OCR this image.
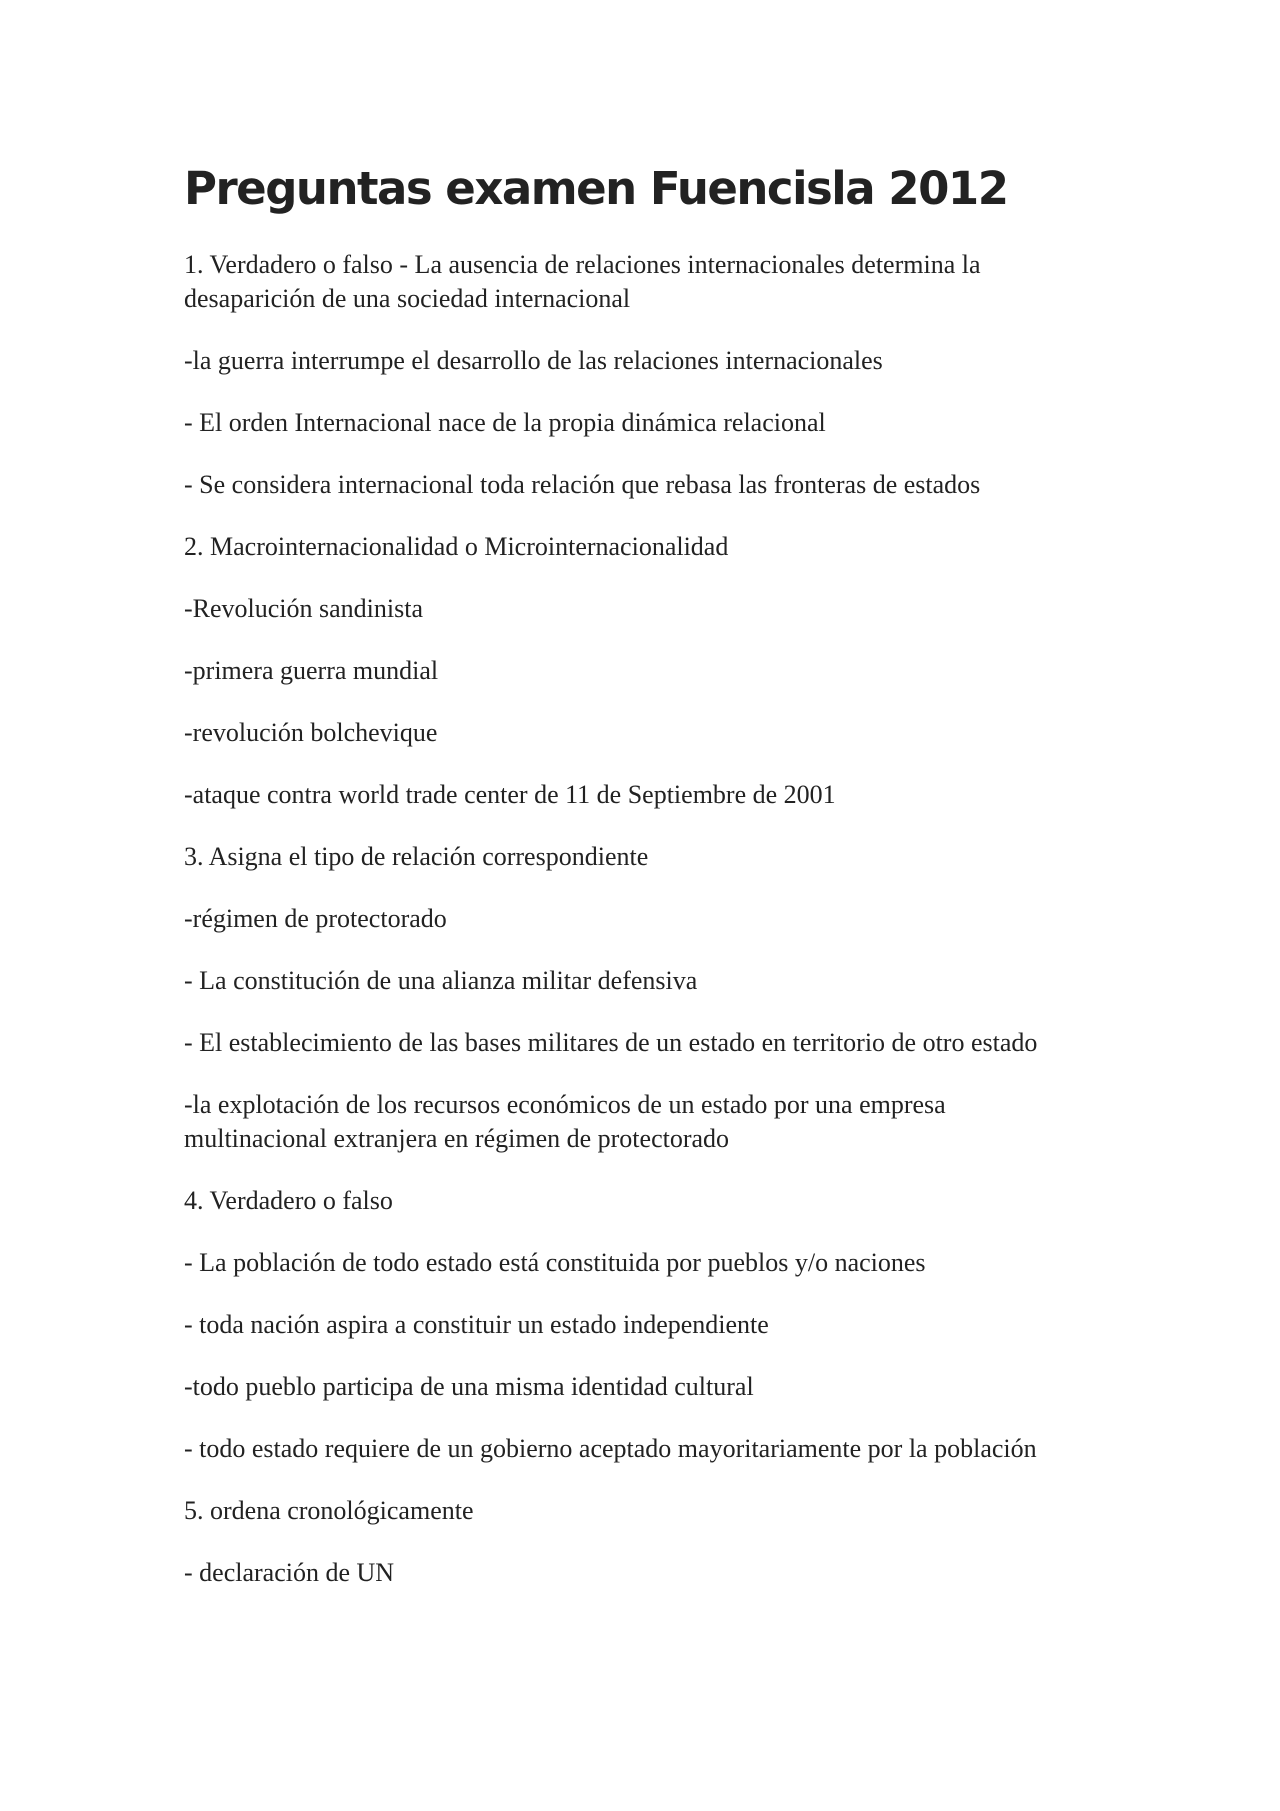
Preguntas examen Fuencisla 2012

1. Verdadero o falso - La ausencia de relaciones internacionales determina la desaparición de una sociedad internacional

-la guerra interrumpe el desarrollo de las relaciones internacionales

- El orden Internacional nace de la propia dinámica relacional

- Se considera internacional toda relación que rebasa las fronteras de estados

2. Macrointernacionalidad o Microinternacionalidad

-Revolución sandinista

-primera guerra mundial

-revolución bolchevique

-ataque contra world trade center de 11 de Septiembre de 2001

3. Asigna el tipo de relación correspondiente

-régimen de protectorado

- La constitución de una alianza militar defensiva

- El establecimiento de las bases militares de un estado en territorio de otro estado

-la explotación de los recursos económicos de un estado por una empresa multinacional extranjera en régimen de protectorado

4. Verdadero o falso

- La población de todo estado está constituida por pueblos y/o naciones

- toda nación aspira a constituir un estado independiente

-todo pueblo participa de una misma identidad cultural

- todo estado requiere de un gobierno aceptado mayoritariamente por la población

5. ordena cronológicamente

- declaración de UN
